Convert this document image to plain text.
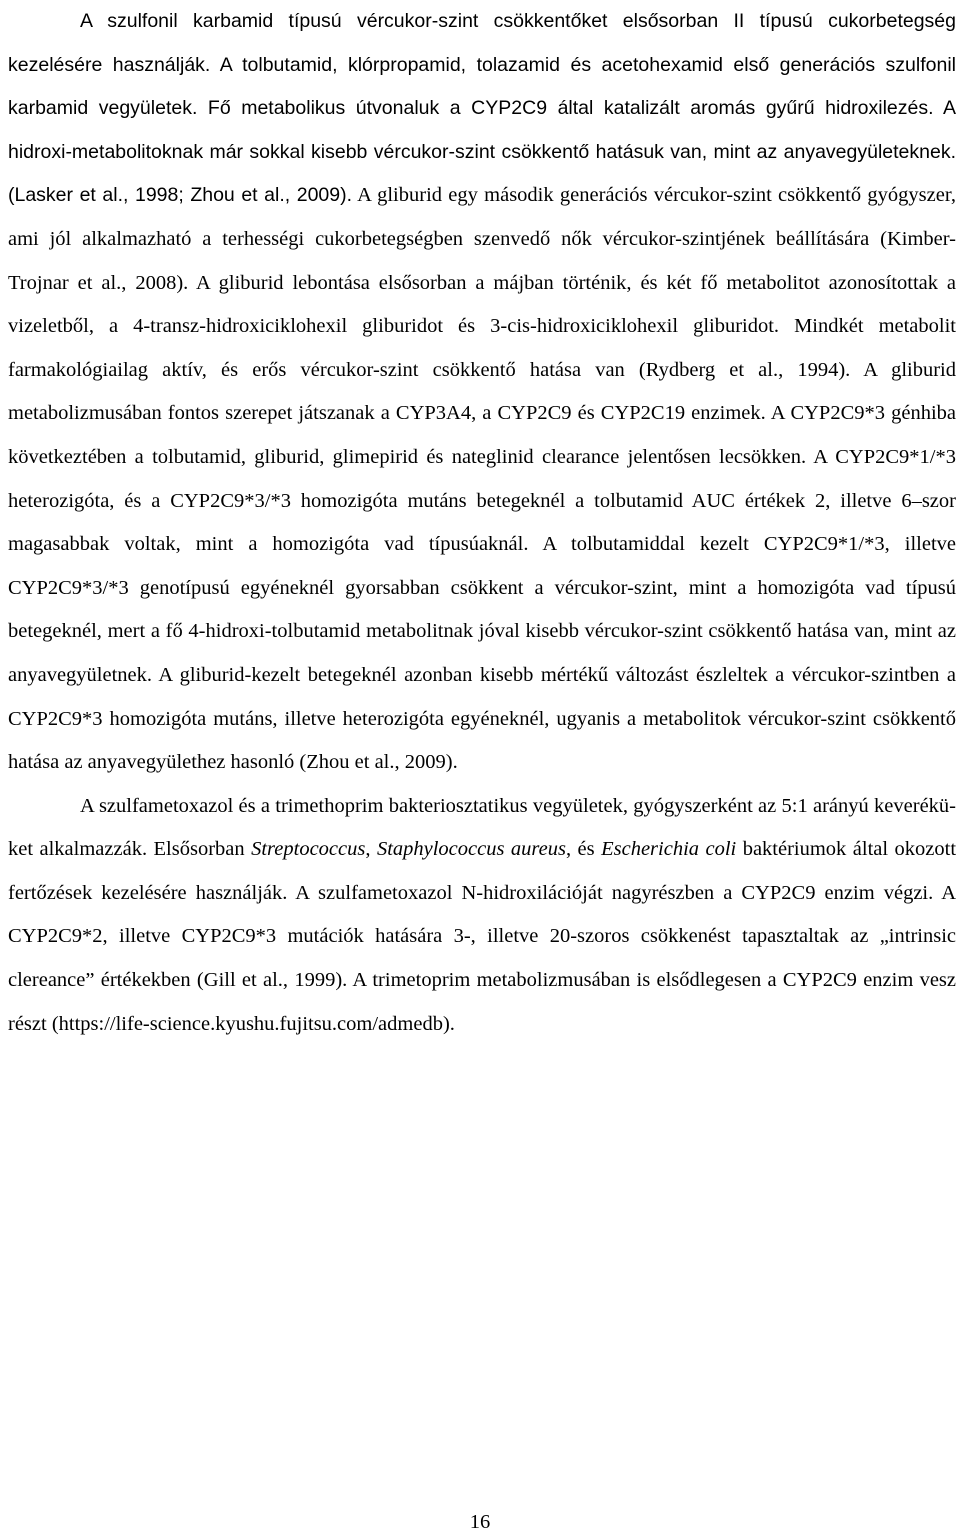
A szulfonil karbamid típusú vércukor-szint csökkentőket elsősorban II típusú cukorbetegség kezelésére használják. A tolbutamid, klórpropamid, tolazamid és acetohexamid első generációs szulfonil karbamid vegyületek. Fő metabolikus útvonaluk a CYP2C9 által katalizált aromás gyűrű hidroxilezés. A hidroxi-metabolitoknak már sokkal kisebb vércukor-szint csökkentő hatásuk van, mint az anyavegyületeknek. (Lasker et al., 1998; Zhou et al., 2009). A gliburid egy második generációs vércukor-szint csökkentő gyógyszer, ami jól alkalmazható a terhességi cukorbetegségben szenvedő nők vércukor-szintjének beállítására (Kimber-Trojnar et al., 2008). A gliburid lebontása elsősorban a májban történik, és két fő metabolitot azonosítottak a vizeletből, a 4-transz-hidroxiciklohexil gliburidot és 3-cis-hidroxiciklohexil gliburidot. Mindkét metabolit farmakológiailag aktív, és erős vércukor-szint csökkentő hatása van (Rydberg et al., 1994). A gliburid metabolizmusában fontos szerepet játszanak a CYP3A4, a CYP2C9 és CYP2C19 enzimek. A CYP2C9*3 génhiba következtében a tolbutamid, gliburid, glimepirid és nateglinid clearance jelentősen lecsökken. A CYP2C9*1/*3 heterozigóta, és a CYP2C9*3/*3 homozigóta mutáns betegeknél a tolbutamid AUC értékek 2, illetve 6–szor magasabbak voltak, mint a homozigóta vad típusúaknál. A tolbutamiddal kezelt CYP2C9*1/*3, illetve CYP2C9*3/*3 genotípusú egyéneknél gyorsabban csökkent a vércukor-szint, mint a homozigóta vad típusú betegeknél, mert a fő 4-hidroxi-tolbutamid metabolitnak jóval kisebb vércukor-szint csökkentő hatása van, mint az anyavegyületnek. A gliburid-kezelt betegeknél azonban kisebb mértékű változást észleltek a vércukor-szintben a CYP2C9*3 homozigóta mutáns, illetve heterozigóta egyéneknél, ugyanis a metabolitok vércukor-szint csökkentő hatása az anyavegyülethez hasonló (Zhou et al., 2009).

A szulfametoxazol és a trimethoprim bakteriosztatikus vegyületek, gyógyszerként az 5:1 arányú keveréküket alkalmazzák. Elsősorban Streptococcus, Staphylococcus aureus, és Escherichia coli baktériumok által okozott fertőzések kezelésére használják. A szulfametoxazol N-hidroxilációját nagyrészben a CYP2C9 enzim végzi. A CYP2C9*2, illetve CYP2C9*3 mutációk hatására 3-, illetve 20-szoros csökkenést tapasztaltak az „intrinsic clereance” értékekben (Gill et al., 1999). A trimetoprim metabolizmusában is elsődlegesen a CYP2C9 enzim vesz részt (https://life-science.kyushu.fujitsu.com/admedb).

16
